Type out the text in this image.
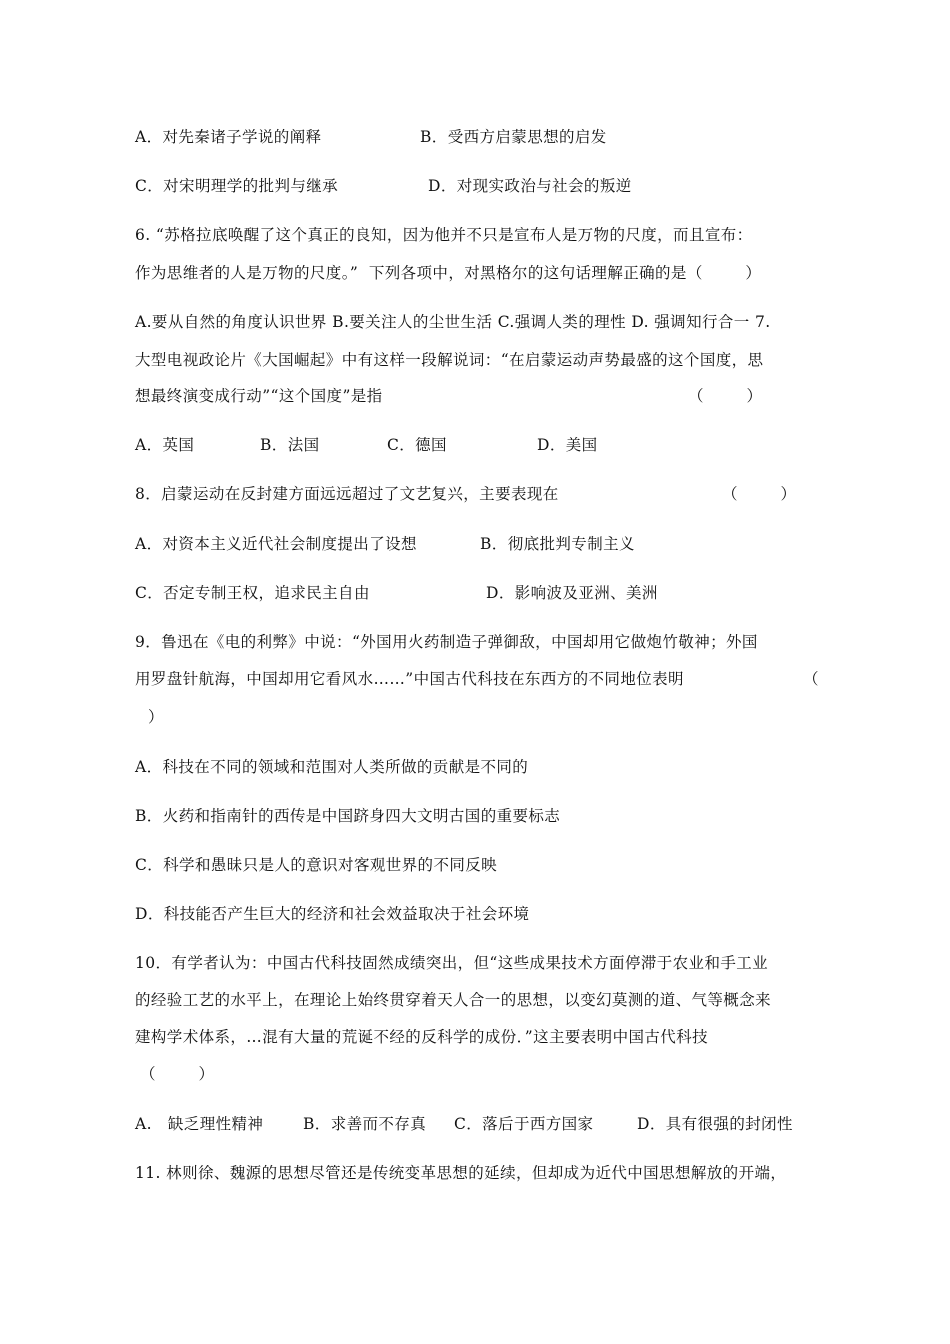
A．对先秦诸子学说的阐释	B．受西方启蒙思想的启发
C．对宋明理学的批判与继承	D．对现实政治与社会的叛逆
6. “苏格拉底唤醒了这个真正的良知，因为他并不只是宣布人是万物的尺度，而且宣布：
作为思维者的人是万物的尺度。”  下列各项中，对黑格尔的这句话理解正确的是（        ）
A.要从自然的角度认识世界 B.要关注人的尘世生活 C.强调人类的理性 D. 强调知行合一 7.
大型电视政论片《大国崛起》中有这样一段解说词：“在启蒙运动声势最盛的这个国度，思
想最终演变成行动”“这个国度”是指	（        ）
A．英国	B．法国	C．德国	D．美国
8．启蒙运动在反封建方面远远超过了文艺复兴，主要表现在	（        ）
A．对资本主义近代社会制度提出了设想	B．彻底批判专制主义
C．否定专制王权，追求民主自由	D．影响波及亚洲、美洲
9．鲁迅在《电的利弊》中说：“外国用火药制造子弹御敌，中国却用它做炮竹敬神；外国
用罗盘针航海，中国却用它看风水……”中国古代科技在东西方的不同地位表明	（
）
A．科技在不同的领域和范围对人类所做的贡献是不同的
B．火药和指南针的西传是中国跻身四大文明古国的重要标志
C．科学和愚昧只是人的意识对客观世界的不同反映
D．科技能否产生巨大的经济和社会效益取决于社会环境
10．有学者认为：中国古代科技固然成绩突出，但“这些成果技术方面停滞于农业和手工业
的经验工艺的水平上，在理论上始终贯穿着天人合一的思想，以变幻莫测的道、气等概念来
建构学术体系，…混有大量的荒诞不经的反科学的成份．”这主要表明中国古代科技
（        ）
A.   缺乏理性精神	B．求善而不存真 C．落后于西方国家	D．具有很强的封闭性
11. 林则徐、魏源的思想尽管还是传统变革思想的延续，但却成为近代中国思想解放的开端，
